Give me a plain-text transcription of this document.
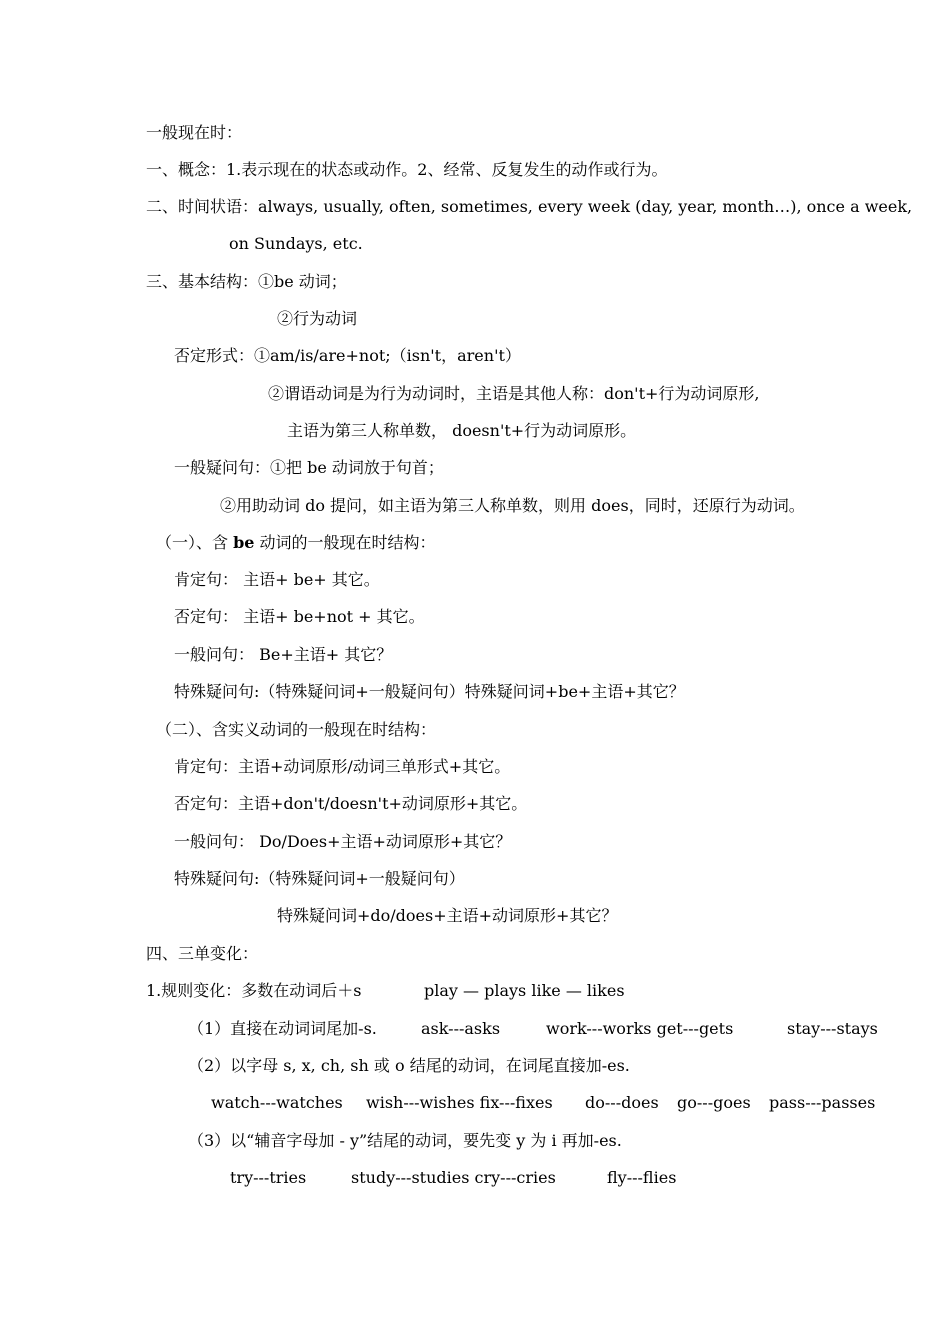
一般现在时：
一、概念：1.表示现在的状态或动作。2、经常、反复发生的动作或行为。
二、时间状语：always, usually, often, sometimes, every week (day, year, month…), once a week,
on Sundays, etc.
三、基本结构：①be 动词；
②行为动词
否定形式：①am/is/are+not;（isn't，aren't）
②谓语动词是为行为动词时，主语是其他人称：don't+行为动词原形,
主语为第三人称单数， doesn't+行为动词原形。
一般疑问句：①把 be 动词放于句首；
②用助动词 do 提问，如主语为第三人称单数，则用 does，同时，还原行为动词。
（一）、含 be 动词的一般现在时结构：
肯定句： 主语+ be+ 其它。
否定句： 主语+ be+not + 其它。
一般问句： Be+主语+ 其它？
特殊疑问句:（特殊疑问词+一般疑问句）特殊疑问词+be+主语+其它？
（二）、含实义动词的一般现在时结构：
肯定句：主语+动词原形/动词三单形式+其它。
否定句：主语+don't/doesn't+动词原形+其它。
一般问句： Do/Does+主语+动词原形+其它？
特殊疑问句:（特殊疑问词+一般疑问句）
特殊疑问词+do/does+主语+动词原形+其它？
四、三单变化：
1.规则变化：多数在动词后＋s	play — plays like — likes
（1）直接在动词词尾加-s.	ask---asks	work---works get---gets	stay---stays
（2）以字母 s, x, ch, sh 或 o 结尾的动词，在词尾直接加-es.
watch---watches wish---wishes fix---fixes do---does go---goes pass---passes
（3）以“辅音字母加 - y”结尾的动词，要先变 y 为 i 再加-es.
try---tries	study---studies cry---cries	fly---flies
